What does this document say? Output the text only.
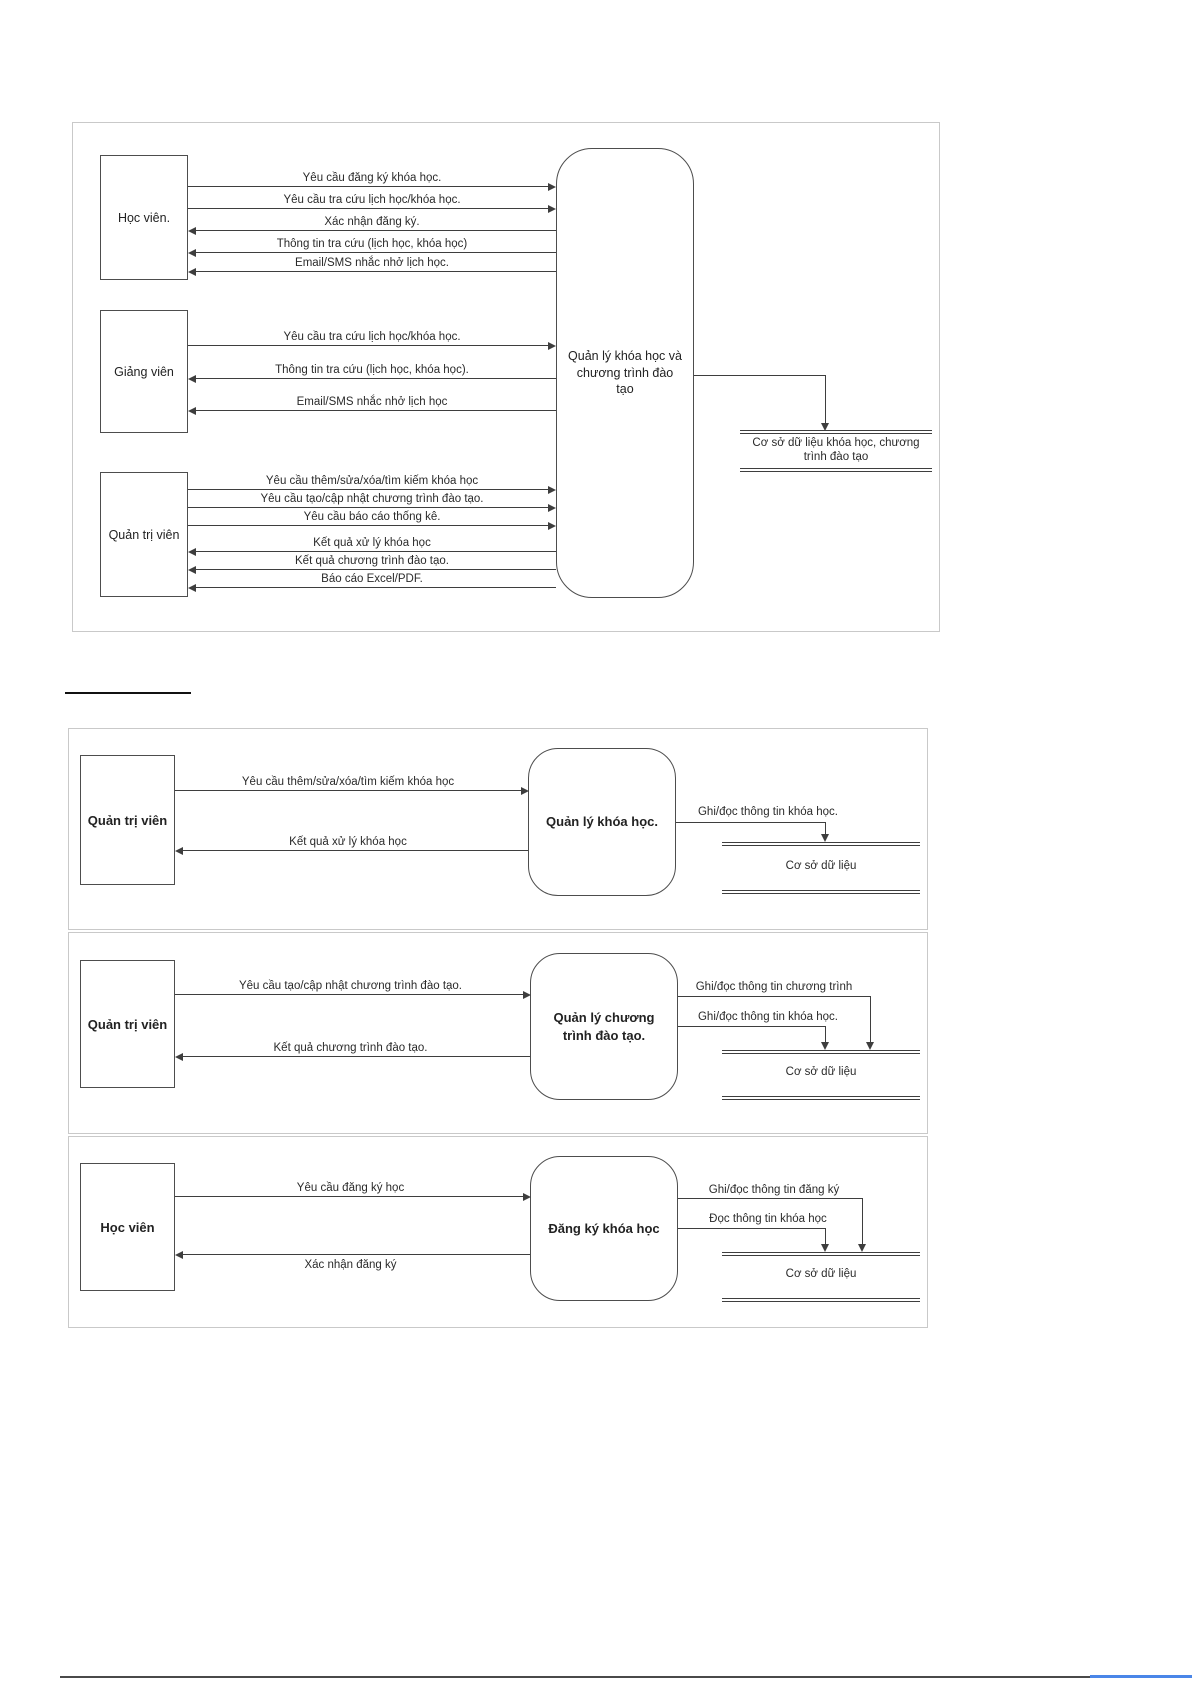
Học viên.
Giảng viên
Quản trị viên
Quản lý khóa học và chương trình đào tạo
Yêu cầu đăng ký khóa học.
Yêu cầu tra cứu lịch học/khóa học.
Xác nhận đăng ký.
Thông tin tra cứu (lịch học, khóa học)
Email/SMS nhắc nhở lịch học.
Yêu cầu tra cứu lịch học/khóa học.
Thông tin tra cứu (lịch học, khóa học).
Email/SMS nhắc nhở lịch học
Yêu cầu thêm/sửa/xóa/tìm kiếm khóa học
Yêu cầu tạo/cập nhật chương trình đào tạo.
Yêu cầu báo cáo thống kê.
Kết quả xử lý khóa học
Kết quả chương trình đào tạo.
Báo cáo Excel/PDF.
Cơ sở dữ liệu khóa học, chương trình đào tạo
Quản trị viên	Quản lý khóa học.
Yêu cầu thêm/sửa/xóa/tìm kiếm khóa học
Kết quả xử lý khóa học
Ghi/đọc thông tin khóa học.
Cơ sở dữ liệu
Quản trị viên	Quản lý chương trình đào tạo.
Yêu cầu tạo/cập nhật chương trình đào tạo.
Kết quả chương trình đào tạo.
Ghi/đọc thông tin chương trình
Ghi/đọc thông tin khóa học.
Cơ sở dữ liệu
Học viên	Đăng ký khóa học
Yêu cầu đăng ký học
Xác nhận đăng ký
Ghi/đọc thông tin đăng ký
Đọc thông tin khóa học
Cơ sở dữ liệu
